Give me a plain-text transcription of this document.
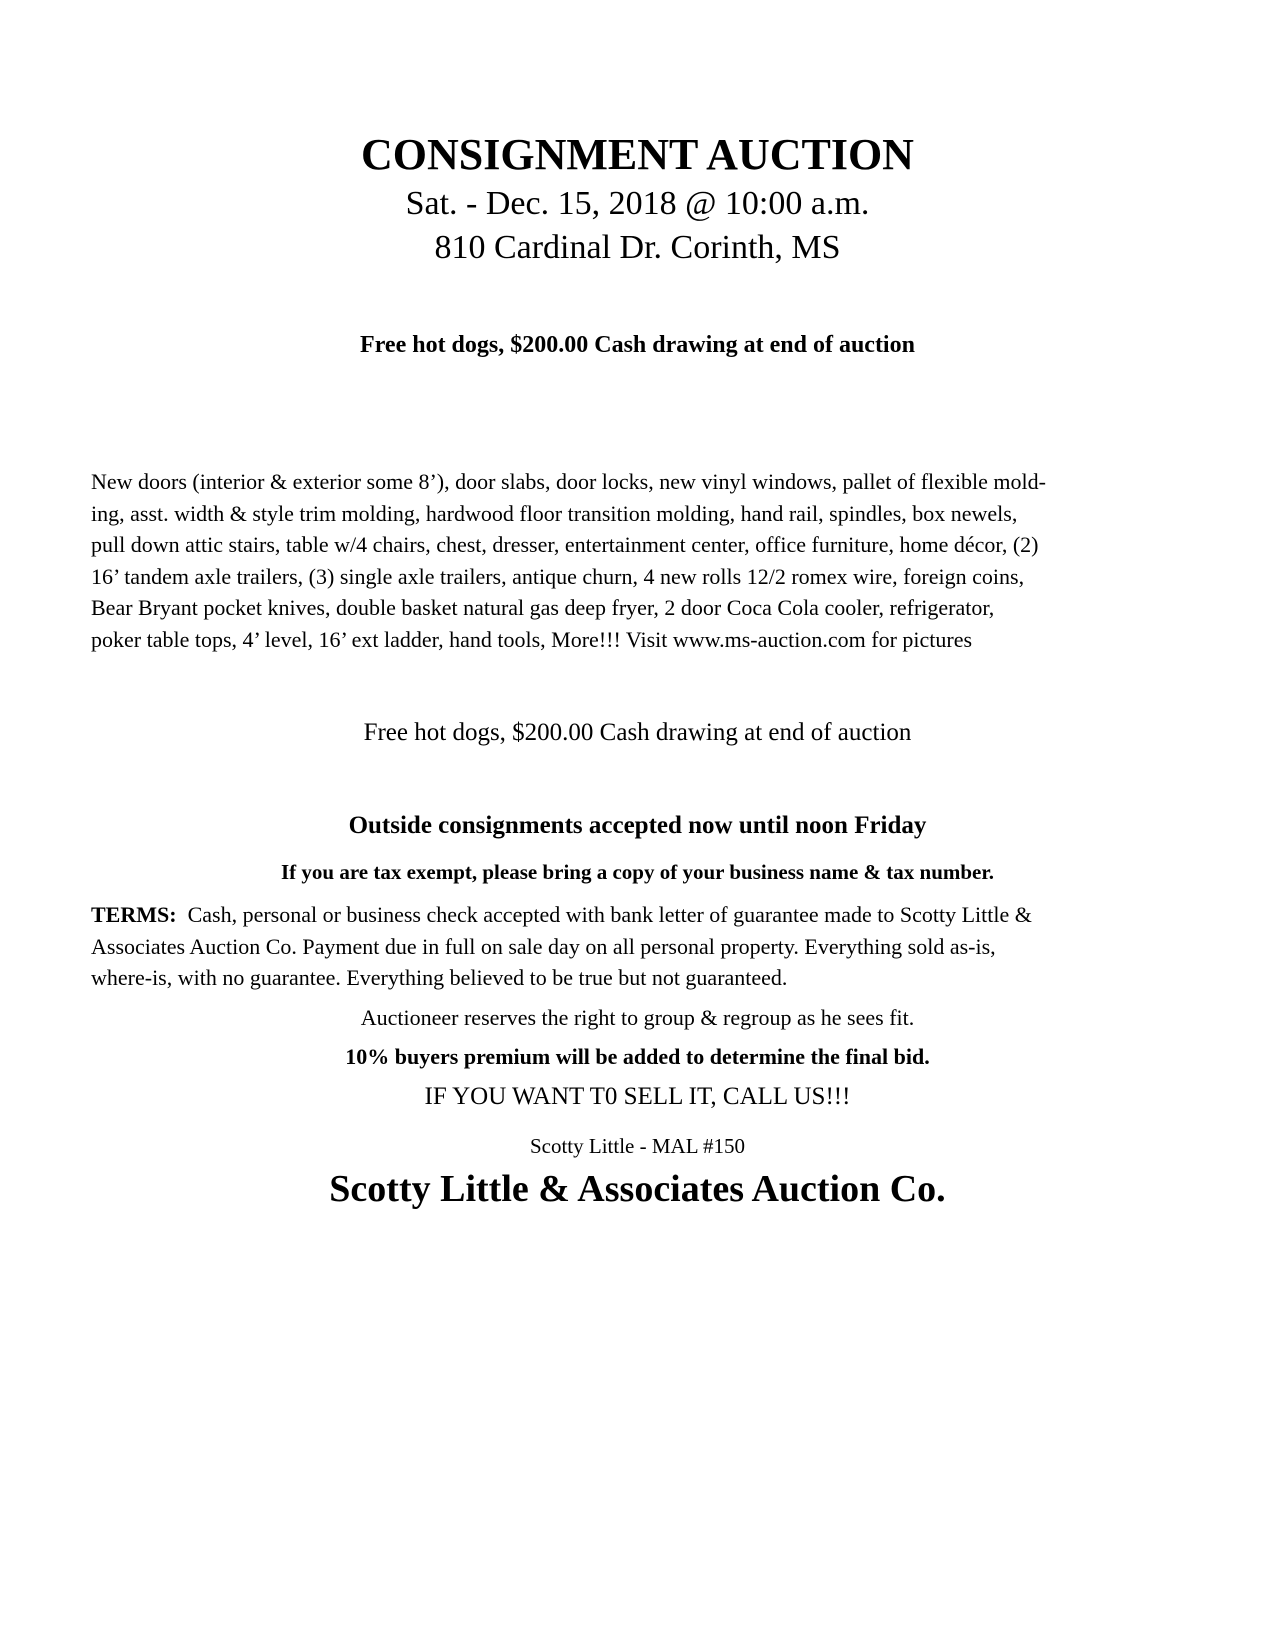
CONSIGNMENT AUCTION
Sat. - Dec. 15, 2018 @ 10:00 a.m.
810 Cardinal Dr. Corinth, MS
Free hot dogs, $200.00 Cash drawing at end of auction
New doors (interior & exterior some 8’), door slabs, door locks, new vinyl windows, pallet of flexible mold-
ing, asst. width & style trim molding, hardwood floor transition molding, hand rail, spindles, box newels,
pull down attic stairs, table w/4 chairs, chest, dresser, entertainment center, office furniture, home décor, (2)
16’ tandem axle trailers, (3) single axle trailers, antique churn, 4 new rolls 12/2 romex wire, foreign coins,
Bear Bryant pocket knives, double basket natural gas deep fryer, 2 door Coca Cola cooler, refrigerator,
poker table tops, 4’ level, 16’ ext ladder, hand tools, More!!! Visit www.ms-auction.com for pictures
Free hot dogs, $200.00 Cash drawing at end of auction
Outside consignments accepted now until noon Friday
If you are tax exempt, please bring a copy of your business name & tax number.
TERMS:  Cash, personal or business check accepted with bank letter of guarantee made to Scotty Little &
Associates Auction Co. Payment due in full on sale day on all personal property. Everything sold as-is,
where-is, with no guarantee. Everything believed to be true but not guaranteed.
Auctioneer reserves the right to group & regroup as he sees fit.
10% buyers premium will be added to determine the final bid.
IF YOU WANT T0 SELL IT, CALL US!!!
Scotty Little - MAL #150
Scotty Little & Associates Auction Co.
